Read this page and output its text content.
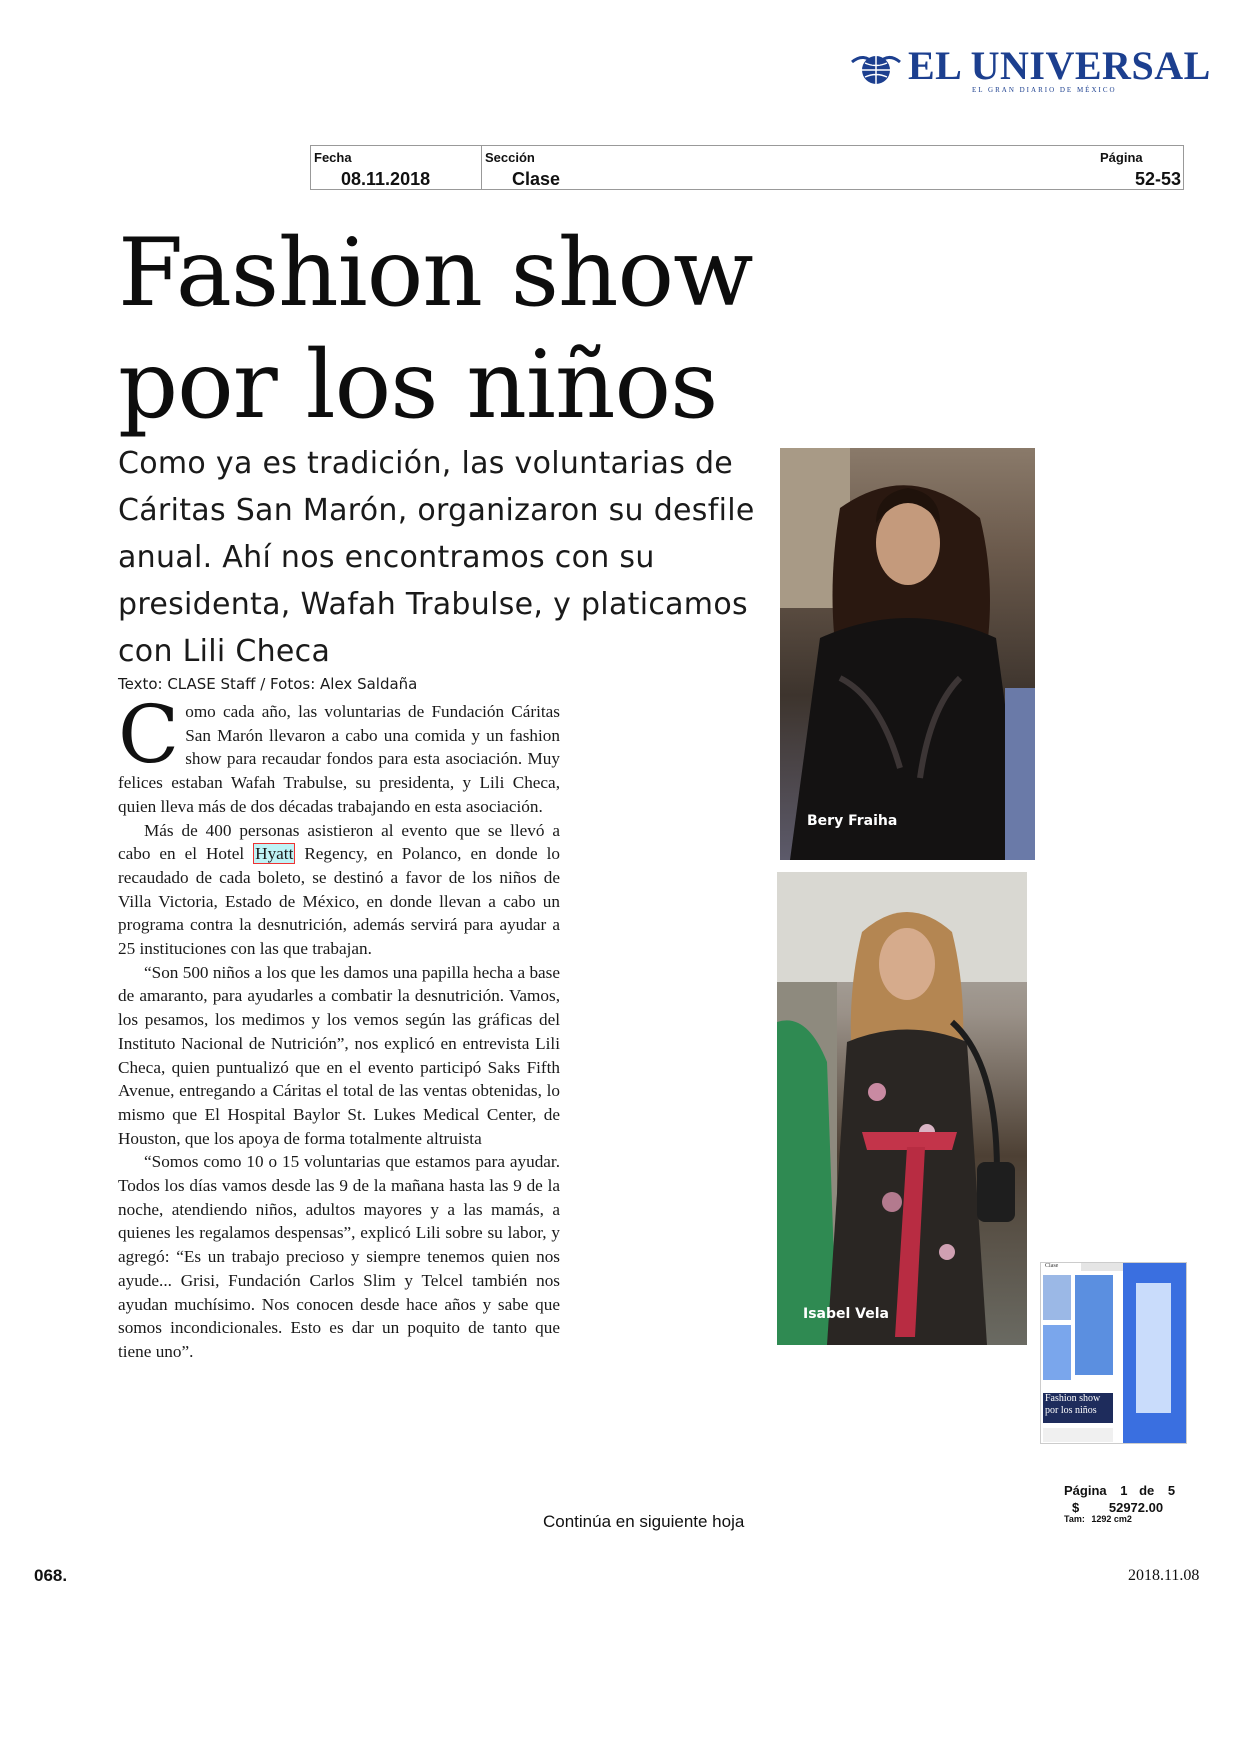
EL UNIVERSAL
EL GRAN DIARIO DE MÉXICO
Fecha
08.11.2018
Sección
Clase
Página
52-53
Fashion show
por los niños

Como ya es tradición, las voluntarias de Cáritas San Marón, organizaron su desfile anual. Ahí nos encontramos con su presidenta, Wafah Trabulse, y platicamos con Lili Checa

Texto: CLASE Staff / Fotos: Alex Saldaña

Como cada año, las voluntarias de Fundación Cáritas San Marón llevaron a cabo una comida y un fashion show para recaudar fondos para esta asociación. Muy felices estaban Wafah Trabulse, su presidenta, y Lili Checa, quien lleva más de dos décadas trabajando en esta asociación.

Más de 400 personas asistieron al evento que se llevó a cabo en el Hotel Hyatt Regency, en Polanco, en donde lo recaudado de cada boleto, se destinó a favor de los niños de Villa Victoria, Estado de México, en donde llevan a cabo un programa contra la desnutrición, además servirá para ayudar a 25 instituciones con las que trabajan.

“Son 500 niños a los que les damos una papilla hecha a base de amaranto, para ayudarles a combatir la desnutrición. Vamos, los pesamos, los medimos y los vemos según las gráficas del Instituto Nacional de Nutrición”, nos explicó en entrevista Lili Checa, quien puntualizó que en el evento participó Saks Fifth Avenue, entregando a Cáritas el total de las ventas obtenidas, lo mismo que El Hospital Baylor St. Lukes Medical Center, de Houston, que los apoya de forma totalmente altruista

“Somos como 10 o 15 voluntarias que estamos para ayudar. Todos los días vamos desde las 9 de la mañana hasta las 9 de la noche, atendiendo niños, adultos mayores y a las mamás, a quienes les regalamos despensas”, explicó Lili sobre su labor, y agregó: “Es un trabajo precioso y siempre tenemos quien nos ayude... Grisi, Fundación Carlos Slim y Telcel también nos ayudan muchísimo. Nos conocen desde hace años y sabe que somos incondicionales. Esto es dar un poquito de tanto que tiene uno”.

Bery Fraiha
Isabel Vela
Clase
Fashion show por los niños
Página 1 de 5
$ 52972.00
Tam: 1292 cm2
Continúa en siguiente hoja
068.	2018.11.08
